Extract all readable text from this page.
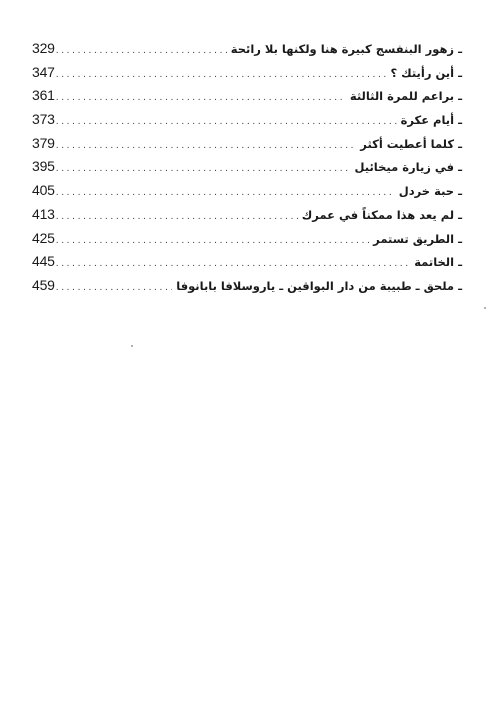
329 .....	ـ زهور البنفسج كبيرة هنا ولكنها بلا رائحة
347 .....	ـ أين رأيتك ؟
361 .....	ـ براعم للمرة الثالثة
373 .....	ـ أيام عكرة
379 .....	ـ كلما أعطيت أكثر
395 .....	ـ في زيارة ميخائيل
405 .....	ـ حبة خردل
413 .....	ـ لم يعد هذا ممكناً في عمرك
425 .....	ـ الطريق تستمر
445 .....	ـ الخاتمة
459 .....	ـ ملحق ـ طبيبة من دار البواقين ـ ياروسلافا بابانوفا
